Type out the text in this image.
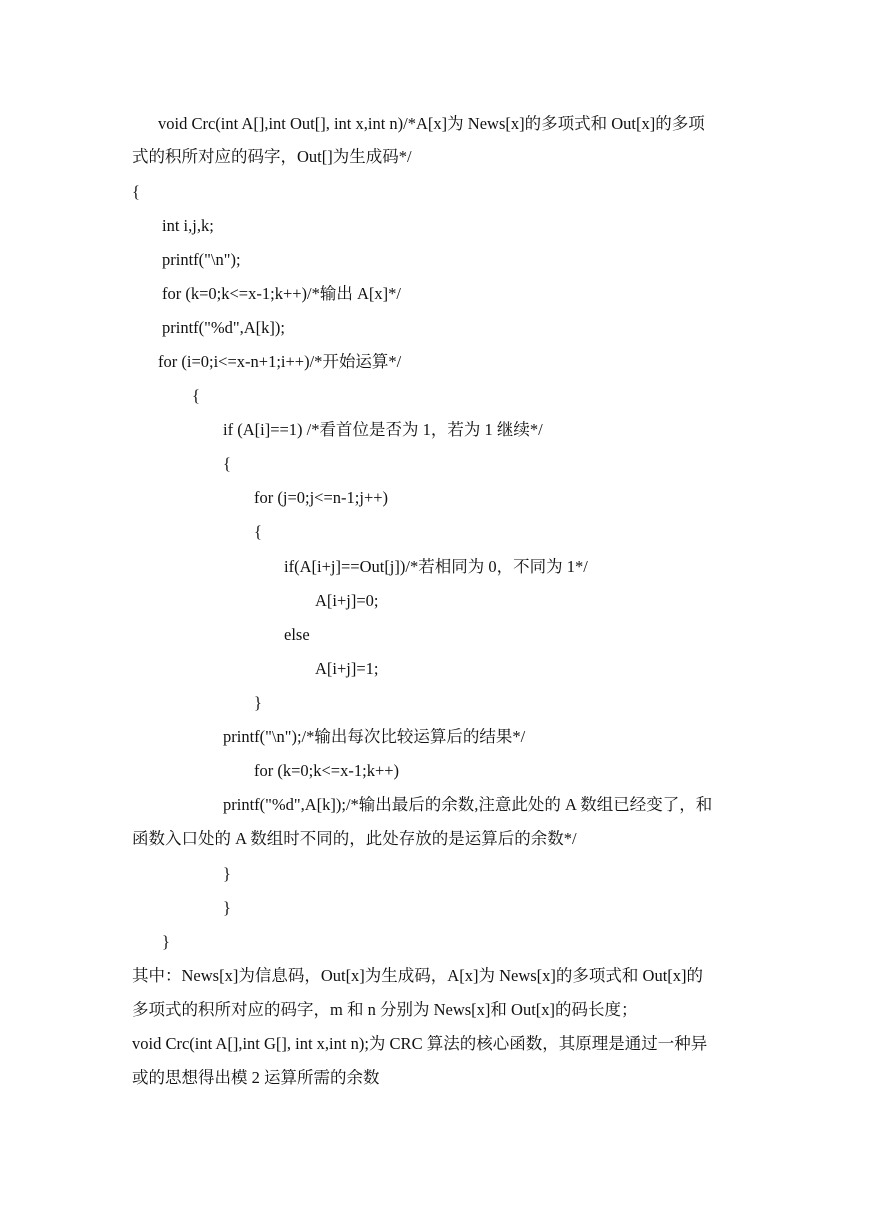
void Crc(int A[],int Out[], int x,int n)/*A[x]为 News[x]的多项式和 Out[x]的多项
式的积所对应的码字，Out[]为生成码*/
{
int i,j,k;
printf("\n");
for (k=0;k<=x-1;k++)/*输出 A[x]*/
printf("%d",A[k]);
for (i=0;i<=x-n+1;i++)/*开始运算*/
{
if (A[i]==1) /*看首位是否为 1，若为 1 继续*/
{
for (j=0;j<=n-1;j++)
{
if(A[i+j]==Out[j])/*若相同为 0，不同为 1*/
A[i+j]=0;
else
A[i+j]=1;
}
printf("\n");/*输出每次比较运算后的结果*/
for (k=0;k<=x-1;k++)
printf("%d",A[k]);/*输出最后的余数,注意此处的 A 数组已经变了，和
函数入口处的 A 数组时不同的，此处存放的是运算后的余数*/
}
}
}
其中：News[x]为信息码，Out[x]为生成码，A[x]为 News[x]的多项式和 Out[x]的
多项式的积所对应的码字，m 和 n 分别为 News[x]和 Out[x]的码长度；
void Crc(int A[],int G[], int x,int n);为 CRC 算法的核心函数，其原理是通过一种异
或的思想得出模 2 运算所需的余数
